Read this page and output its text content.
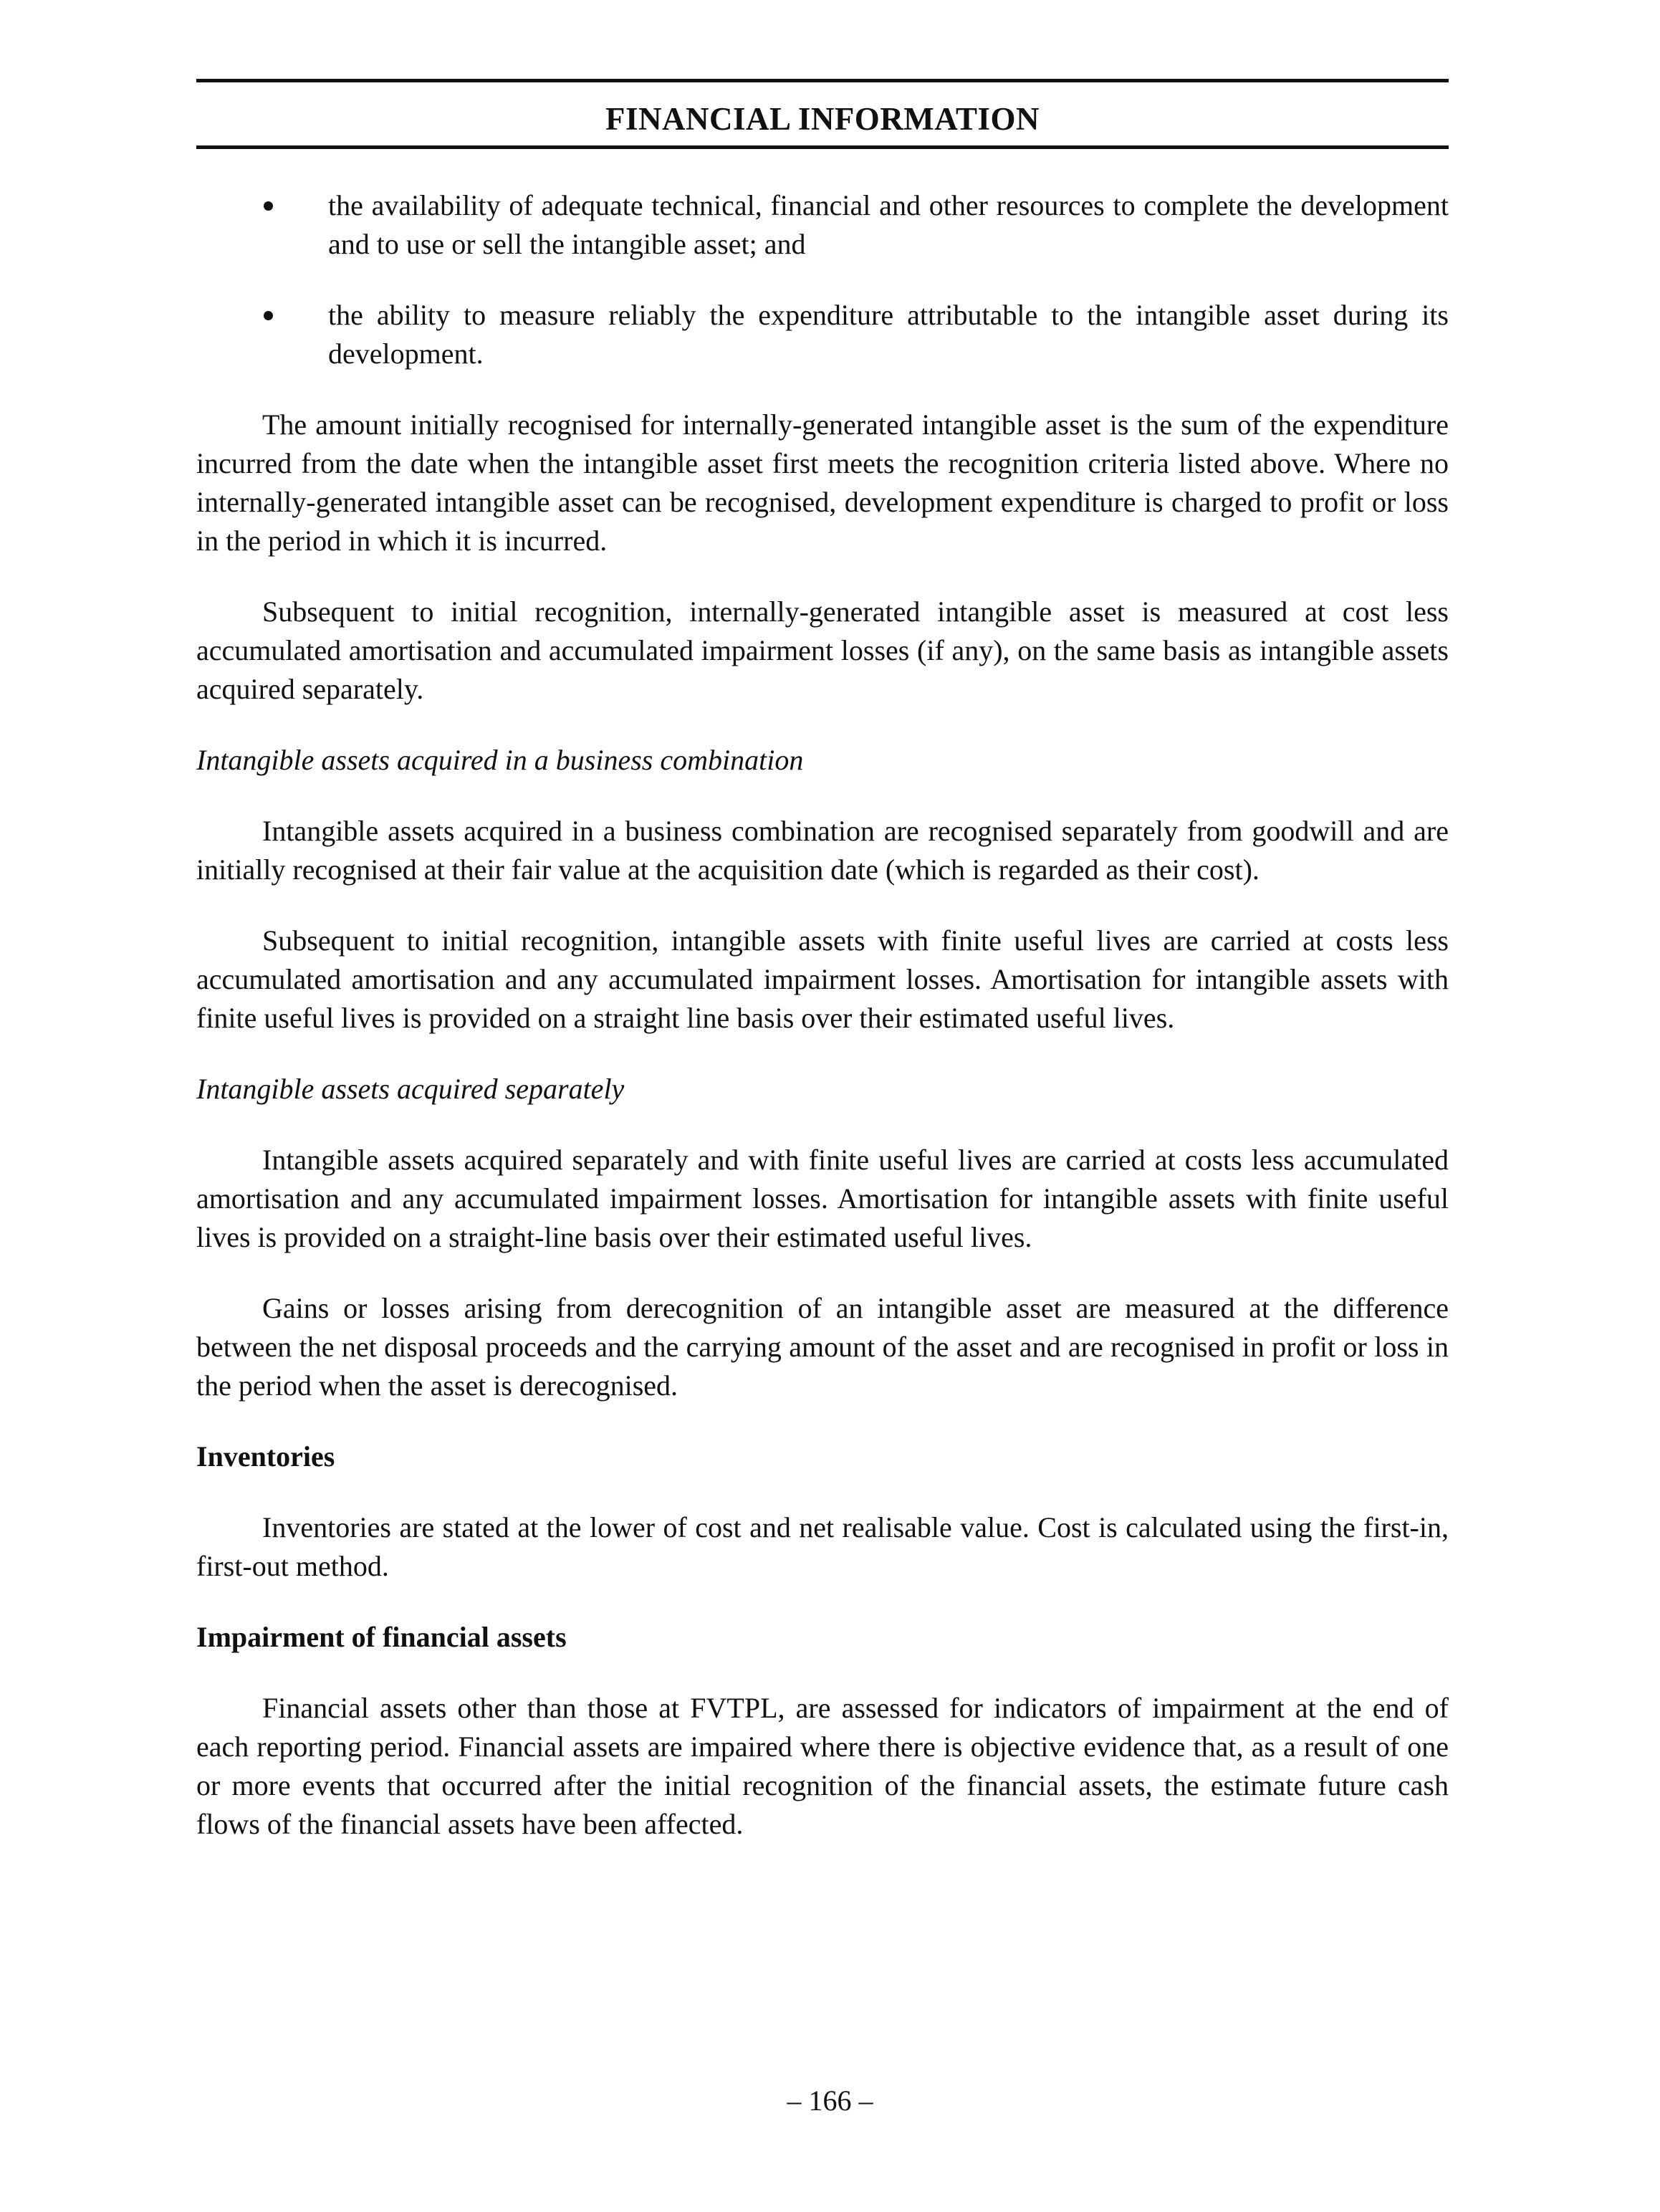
FINANCIAL INFORMATION
the availability of adequate technical, financial and other resources to complete the development and to use or sell the intangible asset; and
the ability to measure reliably the expenditure attributable to the intangible asset during its development.

The amount initially recognised for internally-generated intangible asset is the sum of the expenditure incurred from the date when the intangible asset first meets the recognition criteria listed above. Where no internally-generated intangible asset can be recognised, development expenditure is charged to profit or loss in the period in which it is incurred.

Subsequent to initial recognition, internally-generated intangible asset is measured at cost less accumulated amortisation and accumulated impairment losses (if any), on the same basis as intangible assets acquired separately.

Intangible assets acquired in a business combination

Intangible assets acquired in a business combination are recognised separately from goodwill and are initially recognised at their fair value at the acquisition date (which is regarded as their cost).

Subsequent to initial recognition, intangible assets with finite useful lives are carried at costs less accumulated amortisation and any accumulated impairment losses. Amortisation for intangible assets with finite useful lives is provided on a straight line basis over their estimated useful lives.

Intangible assets acquired separately

Intangible assets acquired separately and with finite useful lives are carried at costs less accumulated amortisation and any accumulated impairment losses. Amortisation for intangible assets with finite useful lives is provided on a straight-line basis over their estimated useful lives.

Gains or losses arising from derecognition of an intangible asset are measured at the difference between the net disposal proceeds and the carrying amount of the asset and are recognised in profit or loss in the period when the asset is derecognised.

Inventories

Inventories are stated at the lower of cost and net realisable value. Cost is calculated using the first-in, first-out method.

Impairment of financial assets

Financial assets other than those at FVTPL, are assessed for indicators of impairment at the end of each reporting period. Financial assets are impaired where there is objective evidence that, as a result of one or more events that occurred after the initial recognition of the financial assets, the estimate future cash flows of the financial assets have been affected.

– 166 –
